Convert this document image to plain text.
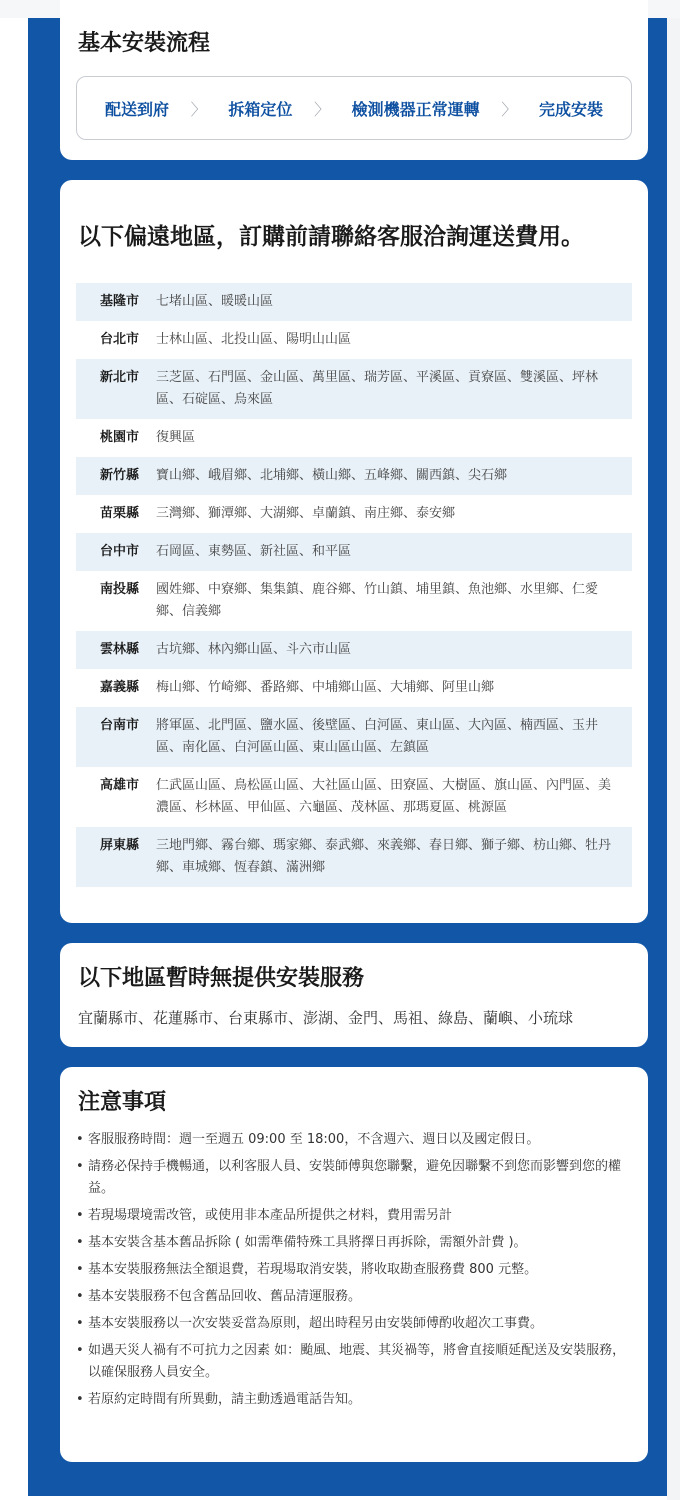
基本安裝流程
配送到府 〉 拆箱定位 〉 檢測機器正常運轉 〉 完成安裝
以下偏遠地區，訂購前請聯絡客服洽詢運送費用。
基隆市	七堵山區、暖暖山區
台北市	士林山區、北投山區、陽明山山區
新北市	三芝區、石門區、金山區、萬里區、瑞芳區、平溪區、貢寮區、雙溪區、坪林區、石碇區、烏來區
桃園市	復興區
新竹縣	寶山鄉、峨眉鄉、北埔鄉、橫山鄉、五峰鄉、關西鎮、尖石鄉
苗栗縣	三灣鄉、獅潭鄉、大湖鄉、卓蘭鎮、南庄鄉、泰安鄉
台中市	石岡區、東勢區、新社區、和平區
南投縣	國姓鄉、中寮鄉、集集鎮、鹿谷鄉、竹山鎮、埔里鎮、魚池鄉、水里鄉、仁愛鄉、信義鄉
雲林縣	古坑鄉、林內鄉山區、斗六市山區
嘉義縣	梅山鄉、竹崎鄉、番路鄉、中埔鄉山區、大埔鄉、阿里山鄉
台南市	將軍區、北門區、鹽水區、後壁區、白河區、東山區、大內區、楠西區、玉井區、南化區、白河區山區、東山區山區、左鎮區
高雄市	仁武區山區、鳥松區山區、大社區山區、田寮區、大樹區、旗山區、內門區、美濃區、杉林區、甲仙區、六龜區、茂林區、那瑪夏區、桃源區
屏東縣	三地門鄉、霧台鄉、瑪家鄉、泰武鄉、來義鄉、春日鄉、獅子鄉、枋山鄉、牡丹鄉、車城鄉、恆春鎮、滿洲鄉
以下地區暫時無提供安裝服務
宜蘭縣市、花蓮縣市、台東縣市、澎湖、金門、馬祖、綠島、蘭嶼、小琉球
注意事項
• 客服服務時間：週一至週五 09:00 至 18:00，不含週六、週日以及國定假日。
• 請務必保持手機暢通，以利客服人員、安裝師傅與您聯繫，避免因聯繫不到您而影響到您的權益。
• 若現場環境需改管，或使用非本產品所提供之材料，費用需另計
• 基本安裝含基本舊品拆除 ( 如需準備特殊工具將擇日再拆除，需額外計費 )。
• 基本安裝服務無法全額退費，若現場取消安裝，將收取勘查服務費 800 元整。
• 基本安裝服務不包含舊品回收、舊品清運服務。
• 基本安裝服務以一次安裝妥當為原則，超出時程另由安裝師傅酌收超次工事費。
• 如遇天災人禍有不可抗力之因素 如：颱風、地震、其災禍等，將會直接順延配送及安裝服務，以確保服務人員安全。
• 若原約定時間有所異動，請主動透過電話告知。
